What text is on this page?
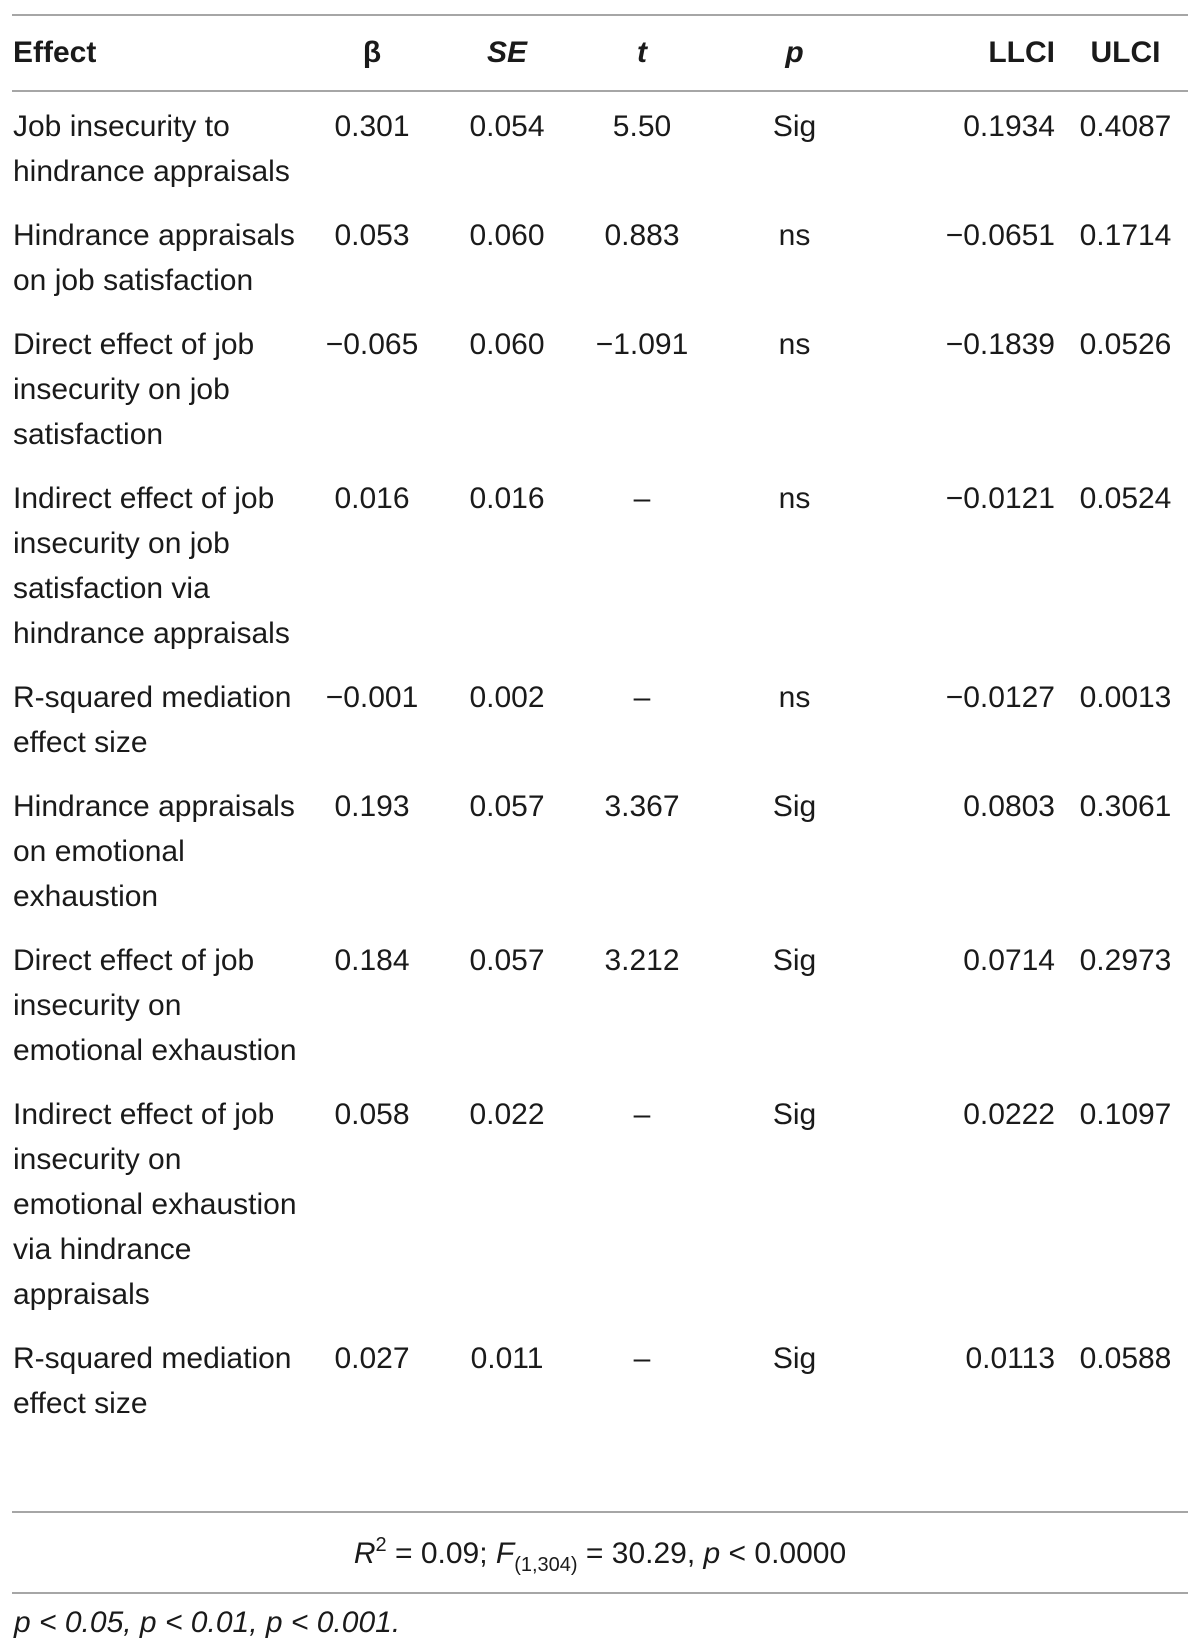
Effect	β	SE	t	p	LLCI	ULCI
Job insecurity to hindrance appraisals	0.301	0.054	5.50	Sig	0.1934	0.4087
Hindrance appraisals on job satisfaction	0.053	0.060	0.883	ns	−0.0651	0.1714
Direct effect of job insecurity on job satisfaction	−0.065	0.060	−1.091	ns	−0.1839	0.0526
Indirect effect of job insecurity on job satisfaction via hindrance appraisals	0.016	0.016	–	ns	−0.0121	0.0524
R-squared mediation effect size	−0.001	0.002	–	ns	−0.0127	0.0013
Hindrance appraisals on emotional exhaustion	0.193	0.057	3.367	Sig	0.0803	0.3061
Direct effect of job insecurity on emotional exhaustion	0.184	0.057	3.212	Sig	0.0714	0.2973
Indirect effect of job insecurity on emotional exhaustion via hindrance appraisals	0.058	0.022	–	Sig	0.0222	0.1097
R-squared mediation effect size	0.027	0.011	–	Sig	0.0113	0.0588
$R^2 = 0.09$; $F_{(1,304)} = 30.29$, p < 0.0000
p < 0.05, p < 0.01, p < 0.001.
